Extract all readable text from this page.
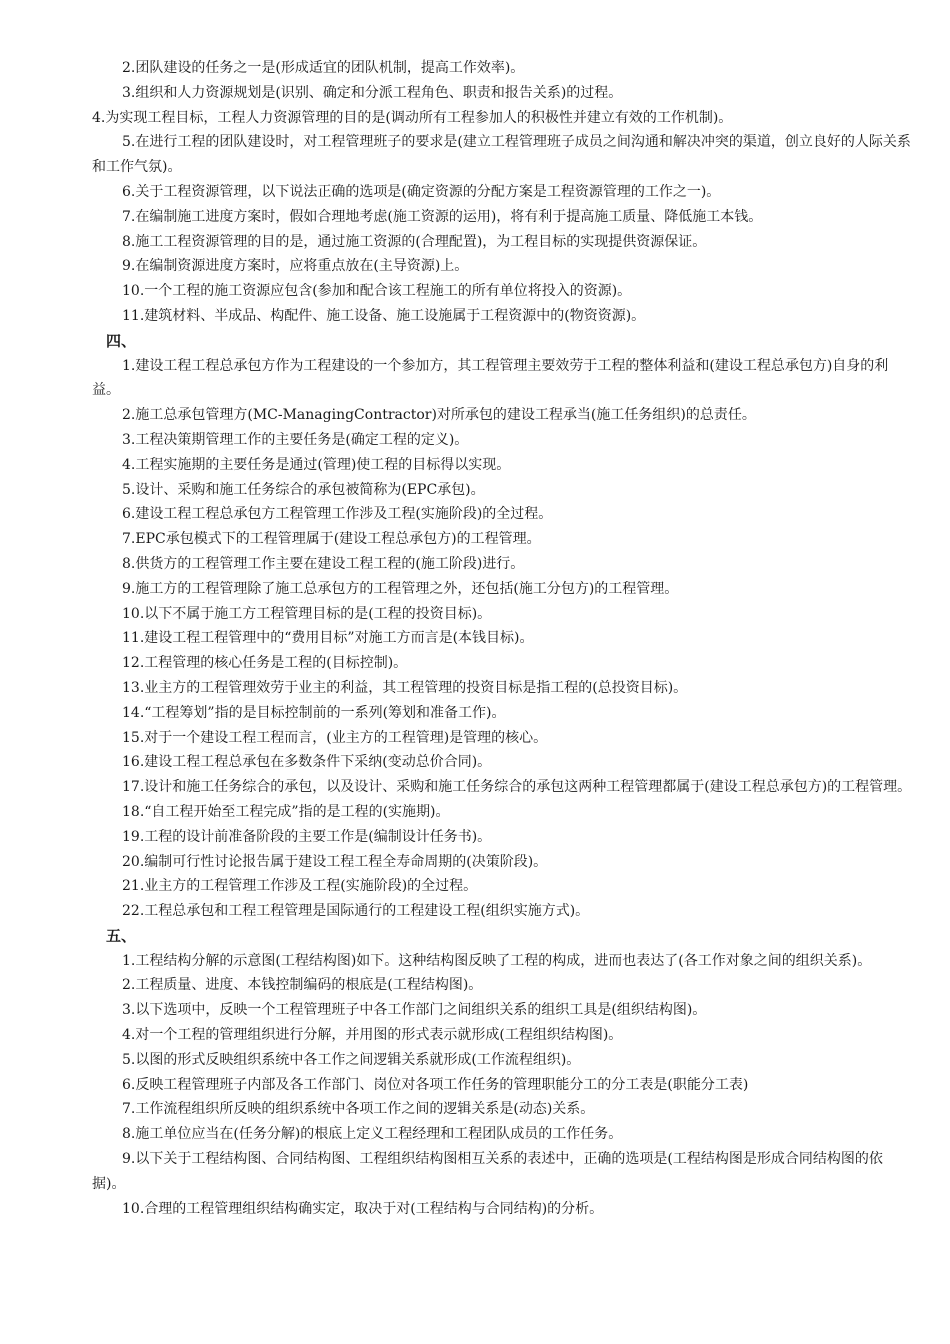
2.团队建设的任务之一是(形成适宜的团队机制，提高工作效率)。

3.组织和人力资源规划是(识别、确定和分派工程角色、职责和报告关系)的过程。

4.为实现工程目标，工程人力资源管理的目的是(调动所有工程参加人的积极性并建立有效的工作机制)。

5.在进行工程的团队建设时，对工程管理班子的要求是(建立工程管理班子成员之间沟通和解决冲突的渠道，创立良好的人际关系和工作气氛)。

6.关于工程资源管理，以下说法正确的选项是(确定资源的分配方案是工程资源管理的工作之一)。

7.在编制施工进度方案时，假如合理地考虑(施工资源的运用)，将有利于提高施工质量、降低施工本钱。

8.施工工程资源管理的目的是，通过施工资源的(合理配置)，为工程目标的实现提供资源保证。

9.在编制资源进度方案时，应将重点放在(主导资源)上。

10.一个工程的施工资源应包含(参加和配合该工程施工的所有单位将投入的资源)。

11.建筑材料、半成品、构配件、施工设备、施工设施属于工程资源中的(物资资源)。

四、

1.建设工程工程总承包方作为工程建设的一个参加方，其工程管理主要效劳于工程的整体利益和(建设工程总承包方)自身的利益。

2.施工总承包管理方(MC-ManagingContractor)对所承包的建设工程承当(施工任务组织)的总责任。

3.工程决策期管理工作的主要任务是(确定工程的定义)。

4.工程实施期的主要任务是通过(管理)使工程的目标得以实现。

5.设计、采购和施工任务综合的承包被简称为(EPC承包)。

6.建设工程工程总承包方工程管理工作涉及工程(实施阶段)的全过程。

7.EPC承包模式下的工程管理属于(建设工程总承包方)的工程管理。

8.供货方的工程管理工作主要在建设工程工程的(施工阶段)进行。

9.施工方的工程管理除了施工总承包方的工程管理之外，还包括(施工分包方)的工程管理。

10.以下不属于施工方工程管理目标的是(工程的投资目标)。

11.建设工程工程管理中的“费用目标”对施工方而言是(本钱目标)。

12.工程管理的核心任务是工程的(目标控制)。

13.业主方的工程管理效劳于业主的利益，其工程管理的投资目标是指工程的(总投资目标)。

14.“工程筹划”指的是目标控制前的一系列(筹划和准备工作)。

15.对于一个建设工程工程而言，(业主方的工程管理)是管理的核心。

16.建设工程工程总承包在多数条件下采纳(变动总价合同)。

17.设计和施工任务综合的承包，以及设计、采购和施工任务综合的承包这两种工程管理都属于(建设工程总承包方)的工程管理。

18.“自工程开始至工程完成”指的是工程的(实施期)。

19.工程的设计前准备阶段的主要工作是(编制设计任务书)。

20.编制可行性讨论报告属于建设工程工程全寿命周期的(决策阶段)。

21.业主方的工程管理工作涉及工程(实施阶段)的全过程。

22.工程总承包和工程工程管理是国际通行的工程建设工程(组织实施方式)。

五、

1.工程结构分解的示意图(工程结构图)如下。这种结构图反映了工程的构成，进而也表达了(各工作对象之间的组织关系)。

2.工程质量、进度、本钱控制编码的根底是(工程结构图)。

3.以下选项中，反映一个工程管理班子中各工作部门之间组织关系的组织工具是(组织结构图)。

4.对一个工程的管理组织进行分解，并用图的形式表示就形成(工程组织结构图)。

5.以图的形式反映组织系统中各工作之间逻辑关系就形成(工作流程组织)。

6.反映工程管理班子内部及各工作部门、岗位对各项工作任务的管理职能分工的分工表是(职能分工表)

7.工作流程组织所反映的组织系统中各项工作之间的逻辑关系是(动态)关系。

8.施工单位应当在(任务分解)的根底上定义工程经理和工程团队成员的工作任务。

9.以下关于工程结构图、合同结构图、工程组织结构图相互关系的表述中，正确的选项是(工程结构图是形成合同结构图的依据)。

10.合理的工程管理组织结构确实定，取决于对(工程结构与合同结构)的分析。
